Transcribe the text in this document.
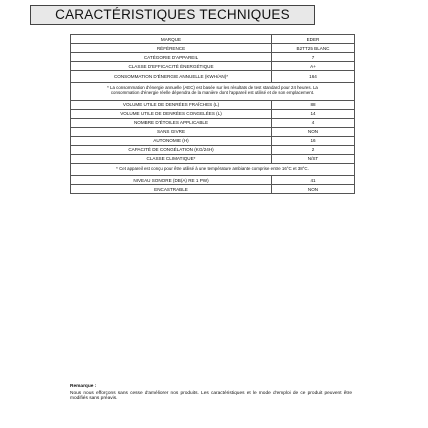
CARACTÉRISTIQUES TECHNIQUES
MARQUE	EDER
RÉFÉRENCE	B2TT25 BLANC
CATÉGORIE D'APPAREIL	7
CLASSE D'EFFICACITÉ ÉNERGÉTIQUE	A+
CONSOMMATION D'ÉNERGIE ANNUELLE (KWH/AN)*	164
* La consommation d'énergie annuelle (AEC) est basée sur les résultats de test standard pour 24 heures. La consommation d'énergie réelle dépendra de la manière dont l'appareil est utilisé et de son emplacement.	
VOLUME UTILE DE DENRÉES FRAÎCHES (L)	88
VOLUME UTILE DE DENRÉES CONGELÉES (L)	14
NOMBRE D'ÉTOILES APPLICABLE	4
SANS GIVRE	NON
AUTONOMIE (H)	16
CAPACITÉ DE CONGÉLATION (KG/24H)	2
CLASSE CLIMATIQUE*	N/ST
* Cet appareil est conçu pour être utilisé à une température ambiante comprise entre 16°C et 38°C.	
NIVEAU SONORE (DB(A) RE 1 PW)	41
ENCASTRABLE	NON
Remarque :
Nous nous efforçons sans cesse d'améliorer nos produits. Les caractéristiques et le mode d'emploi de ce produit peuvent être modifiés sans préavis.
